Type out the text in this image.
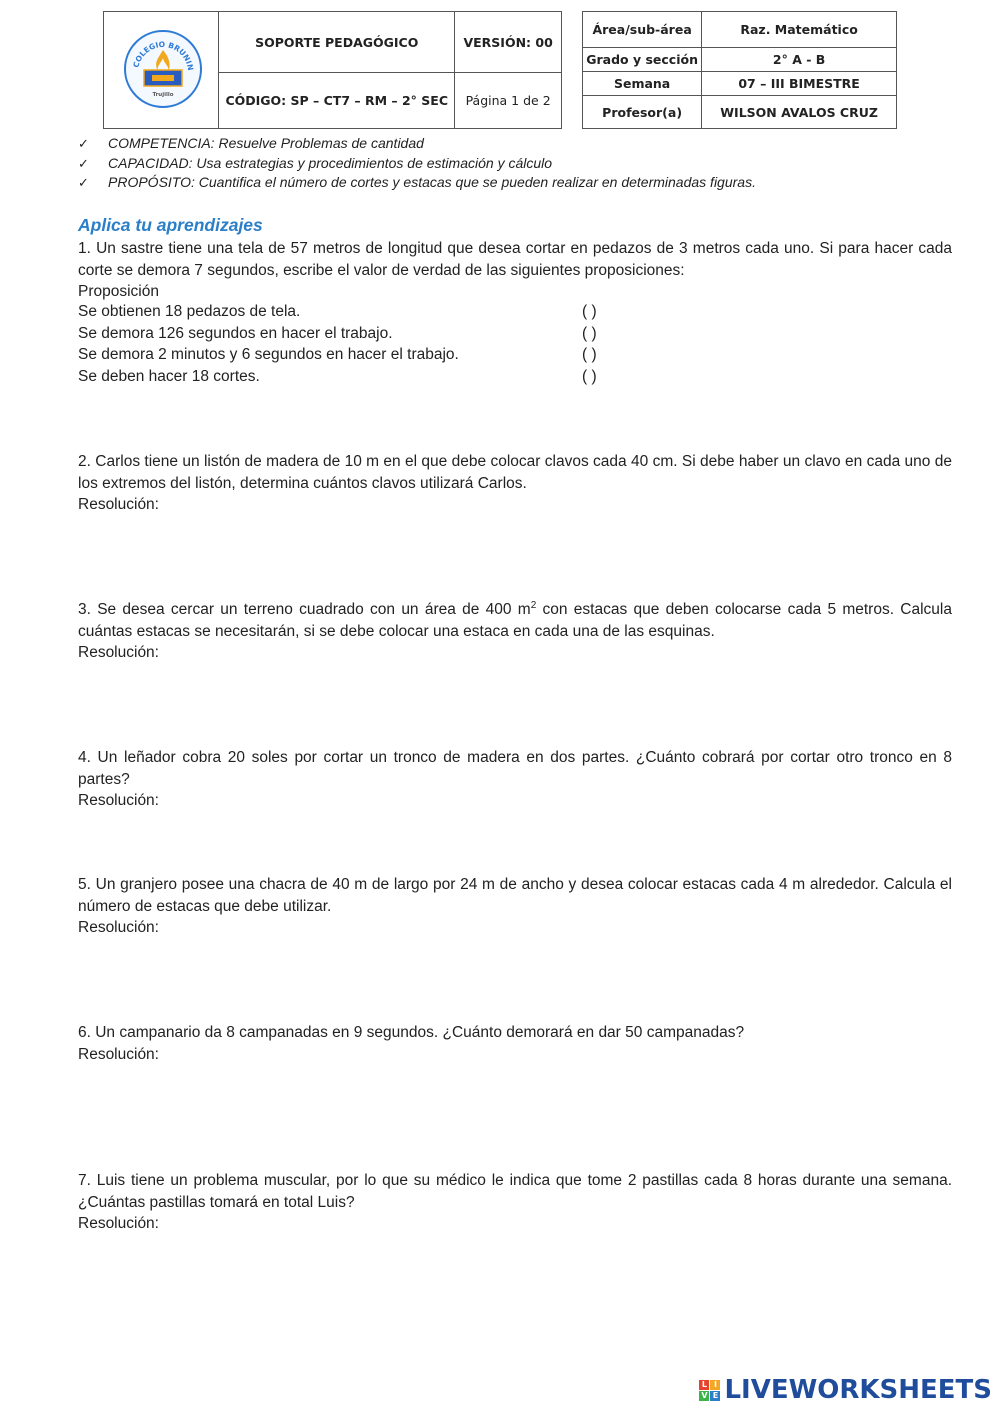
COLEGIO BRUNIN
Trujillo	SOPORTE PEDAGÓGICO	VERSIÓN: 00
	CÓDIGO: SP – CT7 – RM – 2° SEC	Página 1 de 2
Área/sub-área	Raz. Matemático
Grado y sección	2° A - B
Semana	07 – III BIMESTRE
Profesor(a)	WILSON AVALOS CRUZ
✓ COMPETENCIA: Resuelve Problemas de cantidad
✓ CAPACIDAD: Usa estrategias y procedimientos de estimación y cálculo
✓ PROPÓSITO: Cuantifica el número de cortes y estacas que se pueden realizar en determinadas figuras.
Aplica tu aprendizajes

1. Un sastre tiene una tela de 57 metros de longitud que desea cortar en pedazos de 3 metros cada uno. Si para hacer cada corte se demora 7 segundos, escribe el valor de verdad de las siguientes proposiciones:

Proposición

Se obtienen 18 pedazos de tela.	( )
Se demora 126 segundos en hacer el trabajo.	( )
Se demora 2 minutos y 6 segundos en hacer el trabajo.	( )
Se deben hacer 18 cortes.	( )

2. Carlos tiene un listón de madera de 10 m en el que debe colocar clavos cada 40 cm. Si debe haber un clavo en cada uno de los extremos del listón, determina cuántos clavos utilizará Carlos.

Resolución:

3. Se desea cercar un terreno cuadrado con un área de 400 $m^2$ con estacas que deben colocarse cada 5 metros. Calcula cuántas estacas se necesitarán, si se debe colocar una estaca en cada una de las esquinas.

Resolución:

4. Un leñador cobra 20 soles por cortar un tronco de madera en dos partes. ¿Cuánto cobrará por cortar otro tronco en 8 partes?

Resolución:

5. Un granjero posee una chacra de 40 m de largo por 24 m de ancho y desea colocar estacas cada 4 m alrededor. Calcula el número de estacas que debe utilizar.

Resolución:

6. Un campanario da 8 campanadas en 9 segundos. ¿Cuánto demorará en dar 50 campanadas?

Resolución:

7. Luis tiene un problema muscular, por lo que su médico le indica que tome 2 pastillas cada 8 horas durante una semana. ¿Cuántas pastillas tomará en total Luis?

Resolución:

L I
V E LIVEWORKSHEETS
